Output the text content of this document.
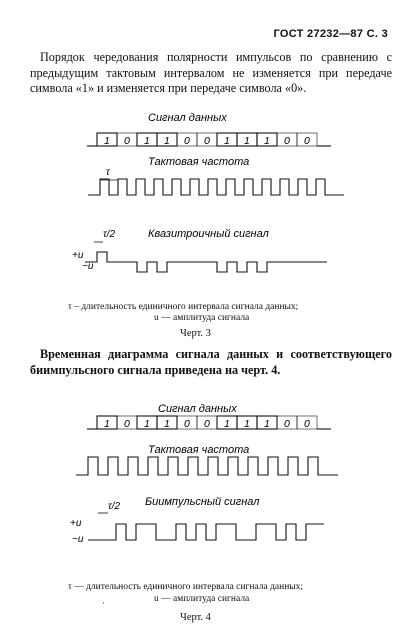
ГОСТ 27232—87 С. 3
Порядок чередования полярности импульсов по сравнению с предыдущим тактовым интервалом не изменяется при передаче символа «1» и изменяется при передаче символа «0».
Сигнал данных
1 0 1 1 0 0 1 1 1 0 0
Тактовая частота
τ
Квазитроичный сигнал
τ/2
+u
−u
τ – длительность единичного интервала сигнала данных;
u — амплитуда сигнала
Черт. 3
Временная диаграмма сигнала данных и соответствующего биимпульсного сигнала приведена на черт. 4.
Сигнал данных
1 0 1 1 0 0 1 1 1 0 0
Тактовая частота
Биимпульсный сигнал
τ/2
+u
−u
τ — длительность единичного интервала сигнала данных;
u — амплитуда сигнала
Черт. 4
·
